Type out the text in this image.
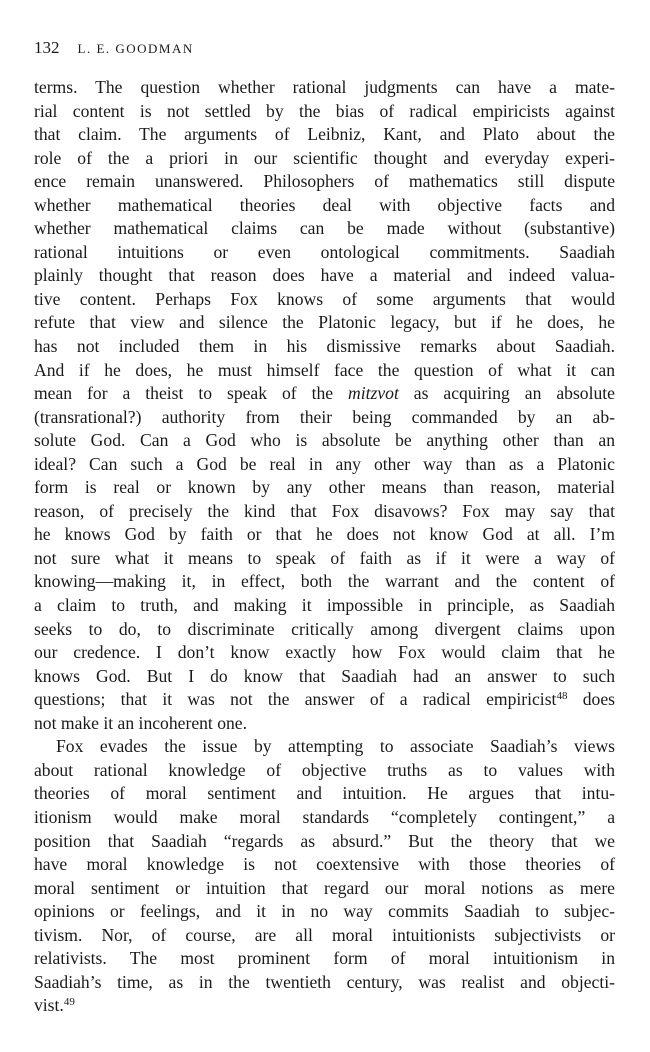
132 L. E. GOODMAN
terms. The question whether rational judgments can have a mate-
rial content is not settled by the bias of radical empiricists against
that claim. The arguments of Leibniz, Kant, and Plato about the
role of the a priori in our scientific thought and everyday experi-
ence remain unanswered. Philosophers of mathematics still dispute
whether mathematical theories deal with objective facts and
whether mathematical claims can be made without (substantive)
rational intuitions or even ontological commitments. Saadiah
plainly thought that reason does have a material and indeed valua-
tive content. Perhaps Fox knows of some arguments that would
refute that view and silence the Platonic legacy, but if he does, he
has not included them in his dismissive remarks about Saadiah.
And if he does, he must himself face the question of what it can
mean for a theist to speak of the mitzvot as acquiring an absolute
(transrational?) authority from their being commanded by an ab-
solute God. Can a God who is absolute be anything other than an
ideal? Can such a God be real in any other way than as a Platonic
form is real or known by any other means than reason, material
reason, of precisely the kind that Fox disavows? Fox may say that
he knows God by faith or that he does not know God at all. I’m
not sure what it means to speak of faith as if it were a way of
knowing—making it, in effect, both the warrant and the content of
a claim to truth, and making it impossible in principle, as Saadiah
seeks to do, to discriminate critically among divergent claims upon
our credence. I don’t know exactly how Fox would claim that he
knows God. But I do know that Saadiah had an answer to such
questions; that it was not the answer of a radical empiricist$^{48}$ does
not make it an incoherent one.
Fox evades the issue by attempting to associate Saadiah’s views
about rational knowledge of objective truths as to values with
theories of moral sentiment and intuition. He argues that intu-
itionism would make moral standards “completely contingent,” a
position that Saadiah “regards as absurd.” But the theory that we
have moral knowledge is not coextensive with those theories of
moral sentiment or intuition that regard our moral notions as mere
opinions or feelings, and it in no way commits Saadiah to subjec-
tivism. Nor, of course, are all moral intuitionists subjectivists or
relativists. The most prominent form of moral intuitionism in
Saadiah’s time, as in the twentieth century, was realist and objecti-
vist.$^{49}$
